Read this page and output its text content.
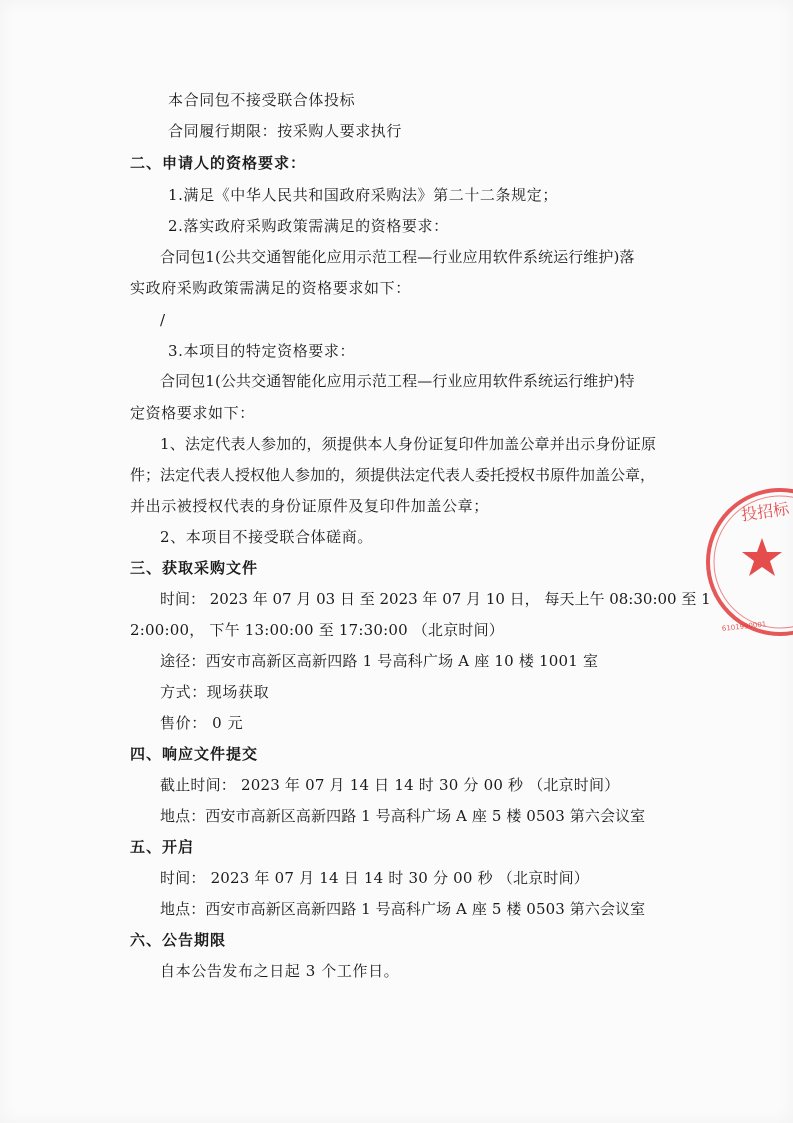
本合同包不接受联合体投标
合同履行期限：按采购人要求执行
二、申请人的资格要求：
1.满足《中华人民共和国政府采购法》第二十二条规定；
2.落实政府采购政策需满足的资格要求：
合同包1(公共交通智能化应用示范工程—行业应用软件系统运行维护)落
实政府采购政策需满足的资格要求如下：
/
3.本项目的特定资格要求：
合同包1(公共交通智能化应用示范工程—行业应用软件系统运行维护)特
定资格要求如下：
1、法定代表人参加的，须提供本人身份证复印件加盖公章并出示身份证原
件；法定代表人授权他人参加的，须提供法定代表人委托授权书原件加盖公章，
并出示被授权代表的身份证原件及复印件加盖公章；
2、本项目不接受联合体磋商。
三、获取采购文件
时间： 2023 年 07 月 03 日 至 2023 年 07 月 10 日， 每天上午 08:30:00 至 1
2:00:00， 下午 13:00:00 至 17:30:00 （北京时间）
途径：西安市高新区高新四路 1 号高科广场 A 座 10 楼 1001 室
方式：现场获取
售价： 0 元
四、响应文件提交
截止时间： 2023 年 07 月 14 日 14 时 30 分 00 秒 （北京时间）
地点：西安市高新区高新四路 1 号高科广场 A 座 5 楼 0503 第六会议室
五、开启
时间： 2023 年 07 月 14 日 14 时 30 分 00 秒 （北京时间）
地点：西安市高新区高新四路 1 号高科广场 A 座 5 楼 0503 第六会议室
六、公告期限
自本公告发布之日起 3 个工作日。
投招标
6101990001
